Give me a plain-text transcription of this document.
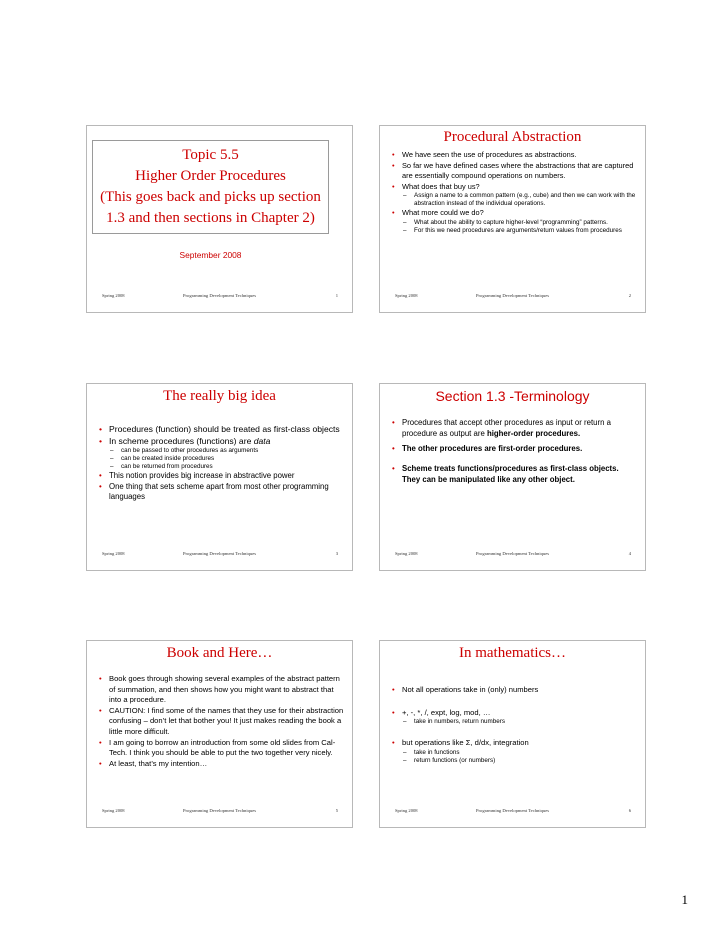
Topic 5.5
Higher Order Procedures
(This goes back and picks up section
1.3 and then sections in Chapter 2)
September 2008
Spring 2008	Programming Development Techniques	1
Procedural Abstraction
• We have seen the use of procedures as abstractions.
• So far we have defined cases where the abstractions that are captured are essentially compound operations on numbers.
• What does that buy us?
– Assign a name to a common pattern (e.g., cube) and then we can work with the abstraction instead of the individual operations.
• What more could we do?
– What about the ability to capture higher-level “programming” patterns.
– For this we need procedures are arguments/return values from procedures
Spring 2008	Programming Development Techniques	2
The really big idea
• Procedures (function) should be treated as first-class objects
• In scheme procedures (functions) are data
– can be passed to other procedures as arguments
– can be created inside procedures
– can be returned from procedures
• This notion provides big increase in abstractive power
• One thing that sets scheme apart from most other programming languages
Spring 2008	Programming Development Techniques	3
Section 1.3 -Terminology
• Procedures that accept other procedures as input or return a procedure as output are higher-order procedures.
• The other procedures are first-order procedures.
• Scheme treats functions/procedures as first-class objects. They can be manipulated like any other object.
Spring 2008	Programming Development Techniques	4
Book and Here…
• Book goes through showing several examples of the abstract pattern of summation, and then shows how you might want to abstract that into a procedure.
• CAUTION: I find some of the names that they use for their abstraction confusing – don’t let that bother you! It just makes reading the book a little more difficult.
• I am going to borrow an introduction from some old slides from Cal-Tech. I think you should be able to put the two together very nicely.
• At least, that’s my intention…
Spring 2008	Programming Development Techniques	5
In mathematics…
• Not all operations take in (only) numbers
• +, -, *, /, expt, log, mod, …
– take in numbers, return numbers
• but operations like Σ, d/dx, integration
– take in functions
– return functions (or numbers)
Spring 2008	Programming Development Techniques	6
1
